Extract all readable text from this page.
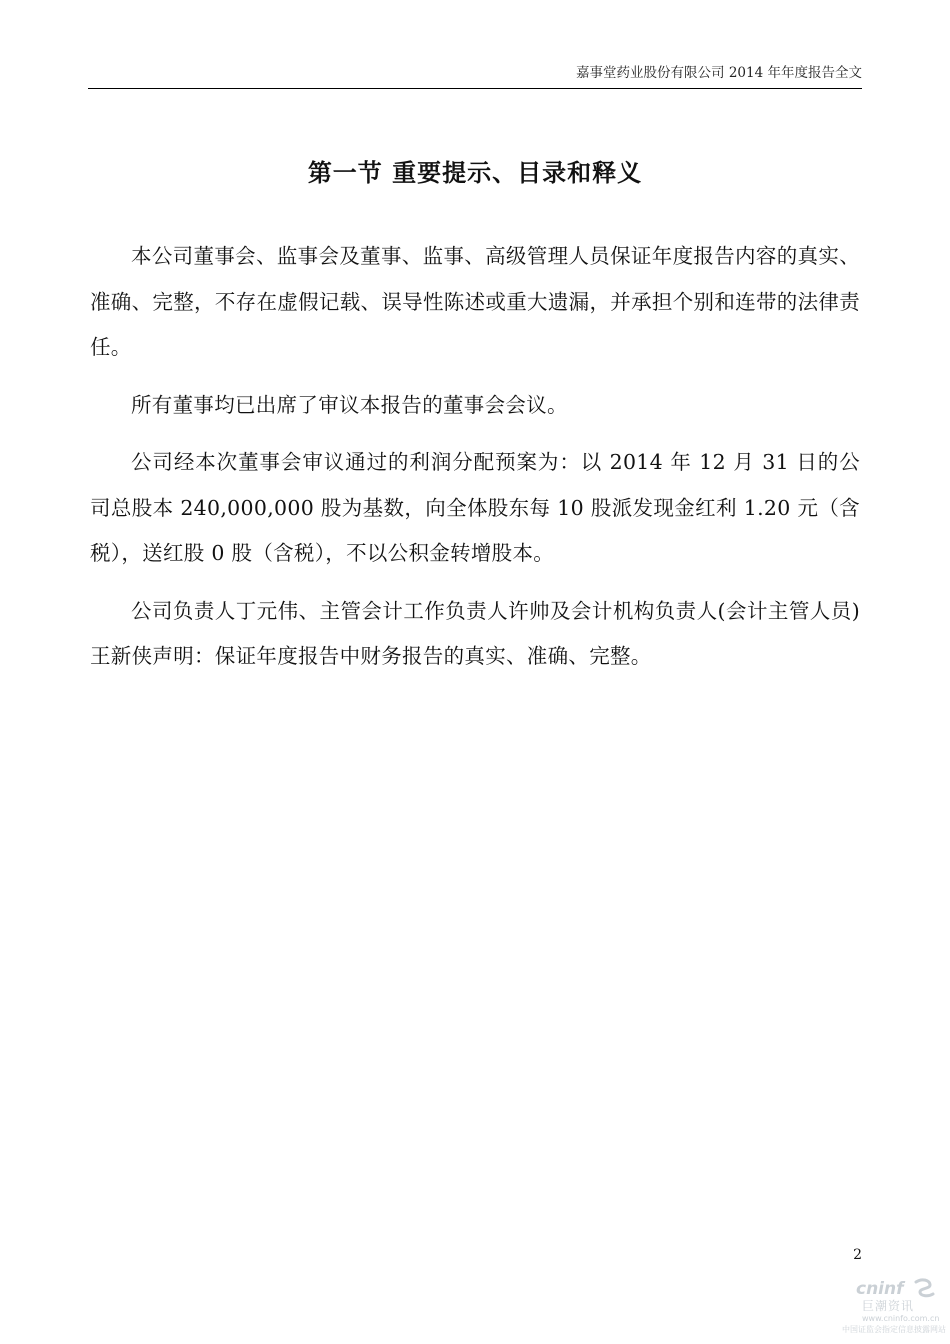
嘉事堂药业股份有限公司 2014 年年度报告全文
第一节 重要提示、目录和释义

本公司董事会、监事会及董事、监事、高级管理人员保证年度报告内容的真实、准确、完整，不存在虚假记载、误导性陈述或重大遗漏，并承担个别和连带的法律责任。

所有董事均已出席了审议本报告的董事会会议。

公司经本次董事会审议通过的利润分配预案为：以 2014 年 12 月 31 日的公司总股本 240,000,000 股为基数，向全体股东每 10 股派发现金红利 1.20 元（含税），送红股 0 股（含税），不以公积金转增股本。

公司负责人丁元伟、主管会计工作负责人许帅及会计机构负责人(会计主管人员)王新侠声明：保证年度报告中财务报告的真实、准确、完整。

2
cninf
巨潮资讯
www.cninfo.com.cn
中国证监会指定信息披露网站
